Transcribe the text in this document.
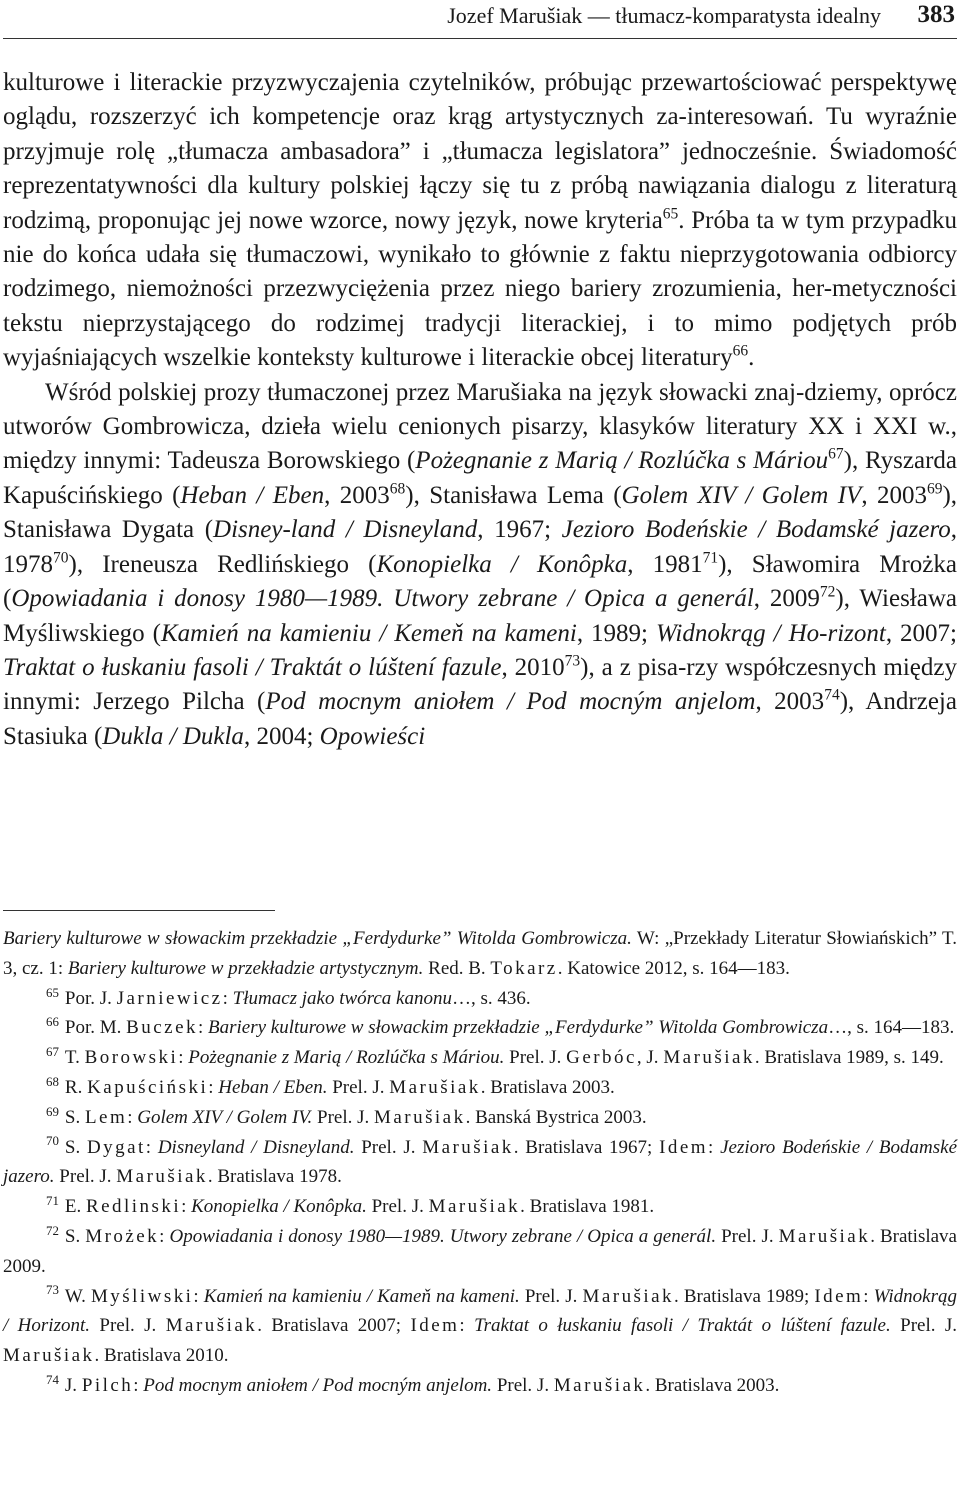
Jozef Marušiak — tłumacz-komparatysta idealny 383

kulturowe i literackie przyzwyczajenia czytelników, próbując przewartościować perspektywę oglądu, rozszerzyć ich kompetencje oraz krąg artystycznych za-interesowań. Tu wyraźnie przyjmuje rolę „tłumacza ambasadora” i „tłumacza legislatora” jednocześnie. Świadomość reprezentatywności dla kultury polskiej łączy się tu z próbą nawiązania dialogu z literaturą rodzimą, proponując jej nowe wzorce, nowy język, nowe kryteria$^{65}$. Próba ta w tym przypadku nie do końca udała się tłumaczowi, wynikało to głównie z faktu nieprzygotowania odbiorcy rodzimego, niemożności przezwyciężenia przez niego bariery zrozumienia, her-metyczności tekstu nieprzystającego do rodzimej tradycji literackiej, i to mimo podjętych prób wyjaśniających wszelkie konteksty kulturowe i literackie obcej literatury$^{66}$.

Wśród polskiej prozy tłumaczonej przez Marušiaka na język słowacki znaj-dziemy, oprócz utworów Gombrowicza, dzieła wielu cenionych pisarzy, klasyków literatury XX i XXI w., między innymi: Tadeusza Borowskiego (Pożegnanie z Marią / Rozlúčka s Máriou$^{67}$), Ryszarda Kapuścińskiego (Heban / Eben, 2003$^{68}$), Stanisława Lema (Golem XIV / Golem IV, 2003$^{69}$), Stanisława Dygata (Disney-land / Disneyland, 1967; Jezioro Bodeńskie / Bodamské jazero, 1978$^{70}$), Ireneusza Redlińskiego (Konopielka / Konôpka, 1981$^{71}$), Sławomira Mrożka (Opowiadania i donosy 1980—1989. Utwory zebrane / Opica a generál, 2009$^{72}$), Wiesława Myśliwskiego (Kamień na kamieniu / Kemeň na kameni, 1989; Widnokrąg / Ho-rizont, 2007; Traktat o łuskaniu fasoli / Traktát o lúštení fazule, 2010$^{73}$), a z pisa-rzy współczesnych między innymi: Jerzego Pilcha (Pod mocnym aniołem / Pod mocným anjelom, 2003$^{74}$), Andrzeja Stasiuka (Dukla / Dukla, 2004; Opowieści

Bariery kulturowe w słowackim przekładzie „Ferdydurke” Witolda Gombrowicza. W: „Przekłady Literatur Słowiańskich” T. 3, cz. 1: Bariery kulturowe w przekładzie artystycznym. Red. B. Tokarz. Katowice 2012, s. 164—183.

$^{65}$ Por. J. Jarniewicz: Tłumacz jako twórca kanonu…, s. 436.

$^{66}$ Por. M. Buczek: Bariery kulturowe w słowackim przekładzie „Ferdydurke” Witolda Gombrowicza…, s. 164—183.

$^{67}$ T. Borowski: Pożegnanie z Marią / Rozlúčka s Máriou. Prel. J. Gerbóc, J. Marušiak. Bratislava 1989, s. 149.

$^{68}$ R. Kapuściński: Heban / Eben. Prel. J. Marušiak. Bratislava 2003.

$^{69}$ S. Lem: Golem XIV / Golem IV. Prel. J. Marušiak. Banská Bystrica 2003.

$^{70}$ S. Dygat: Disneyland / Disneyland. Prel. J. Marušiak. Bratislava 1967; Idem: Jezioro Bodeńskie / Bodamské jazero. Prel. J. Marušiak. Bratislava 1978.

$^{71}$ E. Redlinski: Konopielka / Konôpka. Prel. J. Marušiak. Bratislava 1981.

$^{72}$ S. Mrożek: Opowiadania i donosy 1980—1989. Utwory zebrane / Opica a generál. Prel. J. Marušiak. Bratislava 2009.

$^{73}$ W. Myśliwski: Kamień na kamieniu / Kameň na kameni. Prel. J. Marušiak. Bratislava 1989; Idem: Widnokrąg / Horizont. Prel. J. Marušiak. Bratislava 2007; Idem: Traktat o łuskaniu fasoli / Traktát o lúštení fazule. Prel. J. Marušiak. Bratislava 2010.

$^{74}$ J. Pilch: Pod mocnym aniołem / Pod mocným anjelom. Prel. J. Marušiak. Bratislava 2003.
